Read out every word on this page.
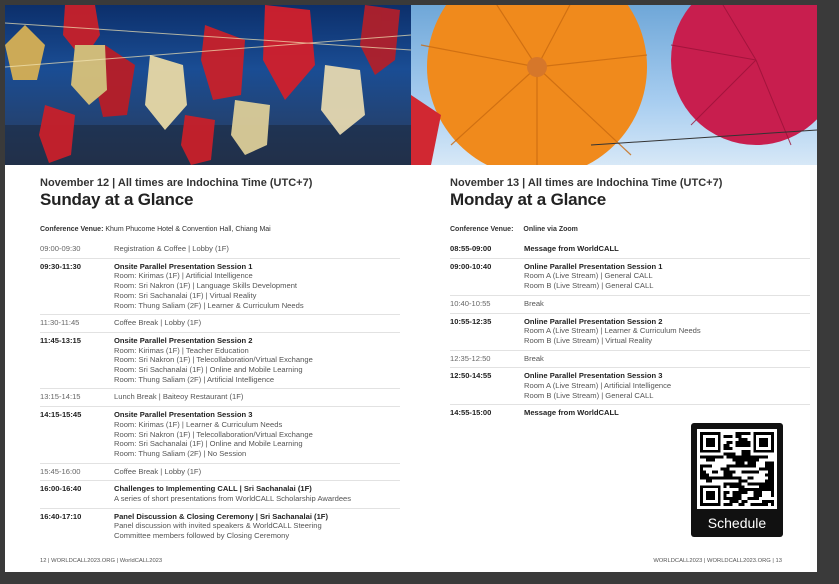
November 12 | All times are Indochina Time (UTC+7)
Sunday at a Glance
Conference Venue: Khum Phucome Hotel & Convention Hall, Chiang Mai
09:00-09:30	Registration & Coffee | Lobby (1F)
09:30-11:30	Onsite Parallel Presentation Session 1
Room: Kirimas (1F) | Artificial Intelligence
Room: Sri Nakron (1F) | Language Skills Development
Room: Sri Sachanalai (1F) | Virtual Reality
Room: Thung Saliam (2F) | Learner & Curriculum Needs
11:30-11:45	Coffee Break | Lobby (1F)
11:45-13:15	Onsite Parallel Presentation Session 2
Room: Kirimas (1F) | Teacher Education
Room: Sri Nakron (1F) | Telecollaboration/Virtual Exchange
Room: Sri Sachanalai (1F) | Online and Mobile Learning
Room: Thung Saliam (2F) | Artificial Intelligence
13:15-14:15	Lunch Break | Baiteoy Restaurant (1F)
14:15-15:45	Onsite Parallel Presentation Session 3
Room: Kirimas (1F) | Learner & Curriculum Needs
Room: Sri Nakron (1F) | Telecollaboration/Virtual Exchange
Room: Sri Sachanalai (1F) | Online and Mobile Learning
Room: Thung Saliam (2F) | No Session
15:45-16:00	Coffee Break | Lobby (1F)
16:00-16:40	Challenges to Implementing CALL | Sri Sachanalai (1F)
A series of short presentations from WorldCALL Scholarship Awardees
16:40-17:10	Panel Discussion & Closing Ceremony | Sri Sachanalai (1F)
Panel discussion with invited speakers & WorldCALL Steering
Committee members followed by Closing Ceremony
November 13 | All times are Indochina Time (UTC+7)
Monday at a Glance
Conference Venue: Online via Zoom
08:55-09:00	Message from WorldCALL
09:00-10:40	Online Parallel Presentation Session 1
Room A (Live Stream) | General CALL
Room B (Live Stream) | General CALL
10:40-10:55	Break
10:55-12:35	Online Parallel Presentation Session 2
Room A (Live Stream) | Learner & Curriculum Needs
Room B (Live Stream) | Virtual Reality
12:35-12:50	Break
12:50-14:55	Online Parallel Presentation Session 3
Room A (Live Stream) | Artificial Intelligence
Room B (Live Stream) | General CALL
14:55-15:00	Message from WorldCALL
12 | WORLDCALL2023.ORG | WorldCALL2023	WORLDCALL2023 | WORLDCALL2023.ORG | 13
Schedule
